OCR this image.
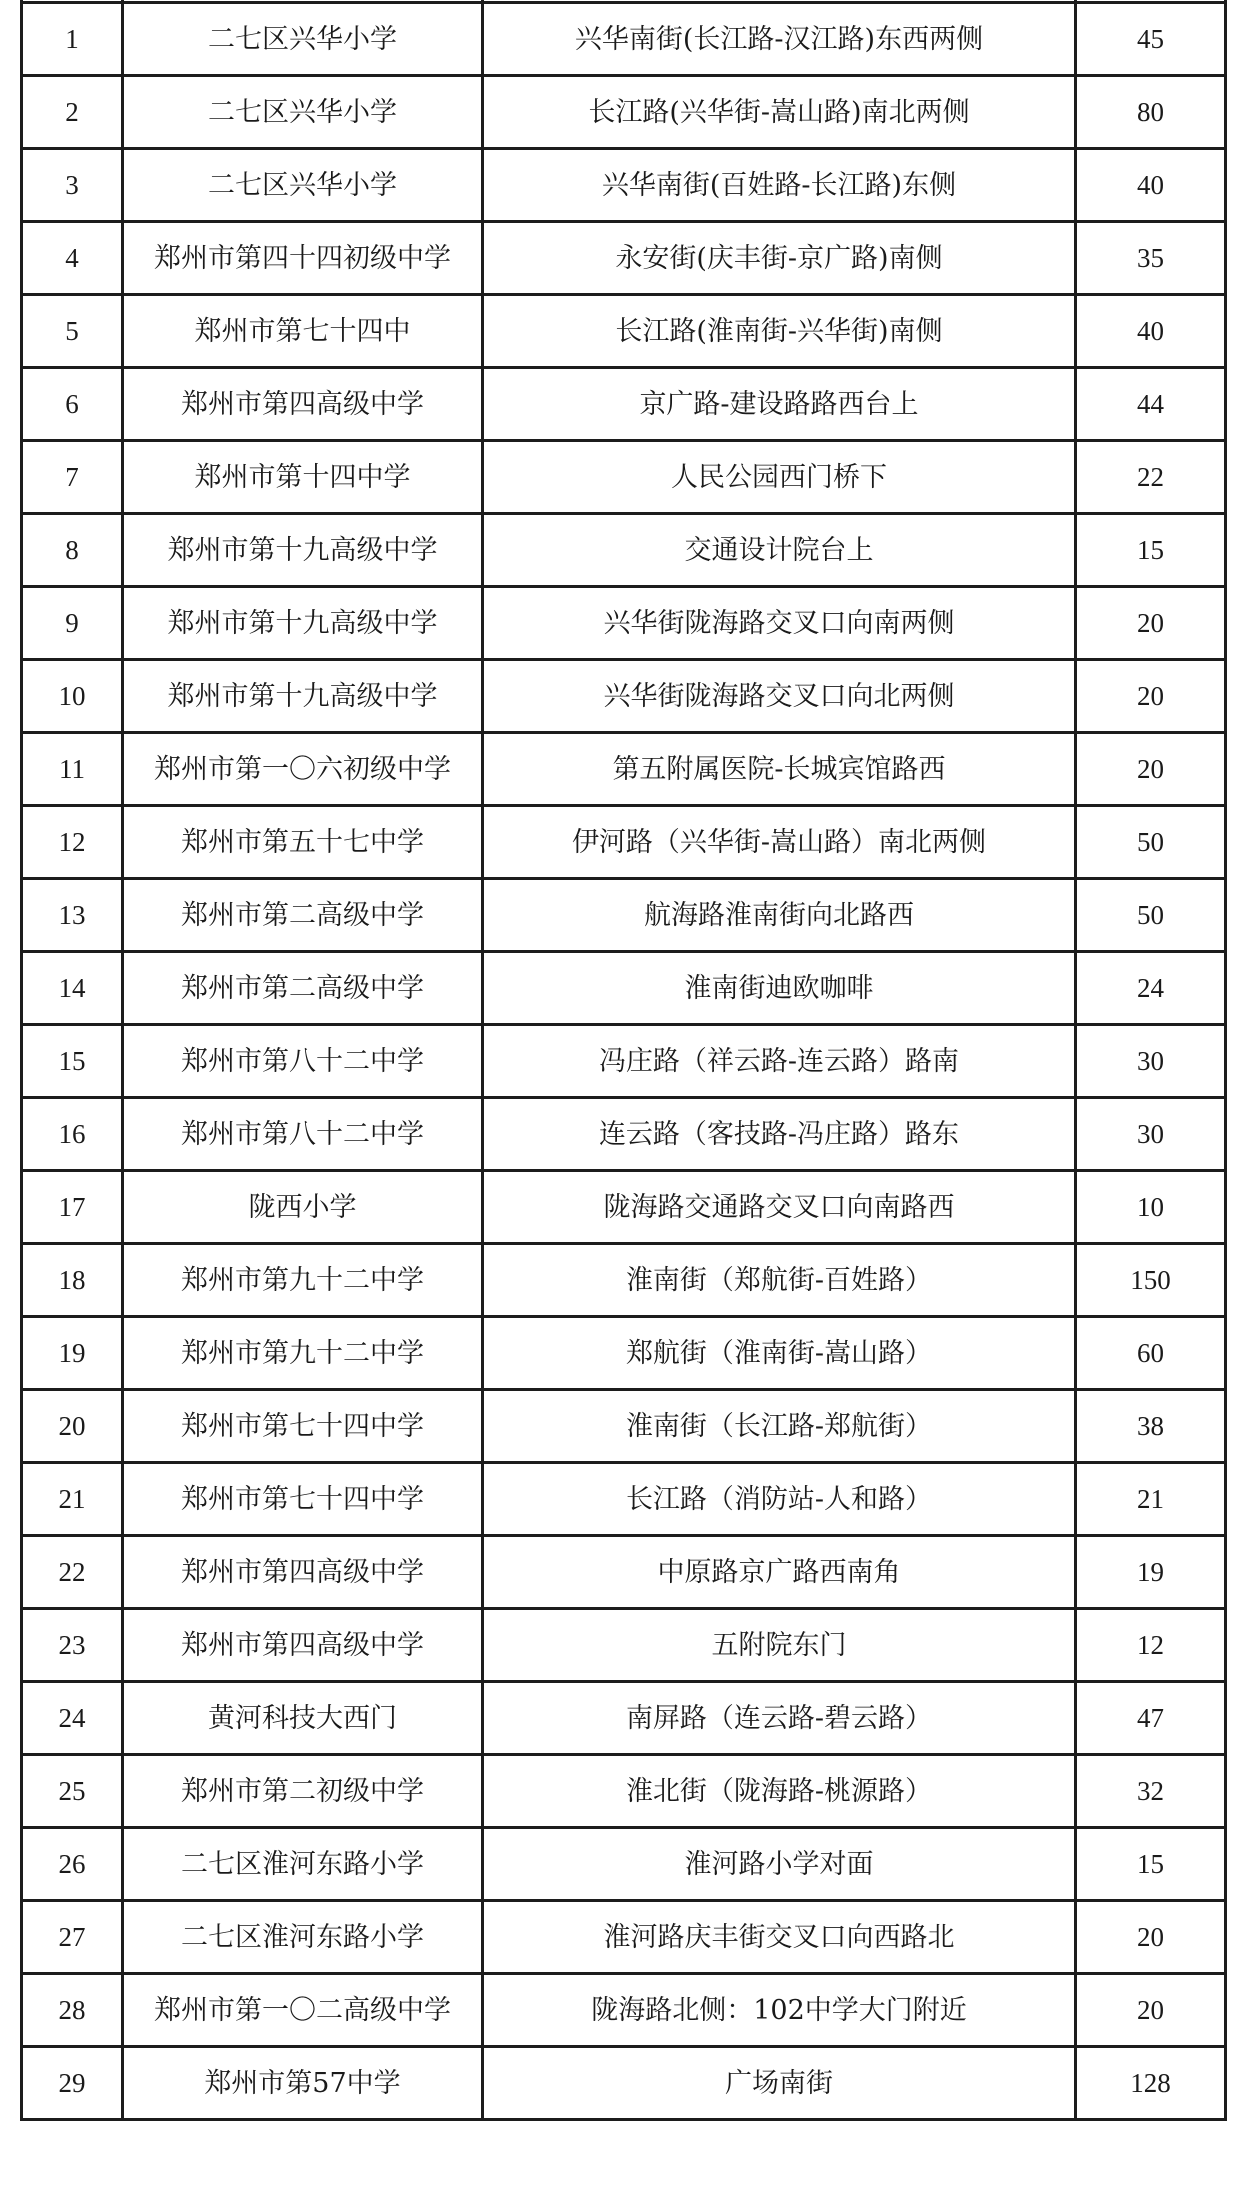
1	二七区兴华小学	兴华南街(长江路-汉江路)东西两侧	45
2	二七区兴华小学	长江路(兴华街-嵩山路)南北两侧	80
3	二七区兴华小学	兴华南街(百姓路-长江路)东侧	40
4	郑州市第四十四初级中学	永安街(庆丰街-京广路)南侧	35
5	郑州市第七十四中	长江路(淮南街-兴华街)南侧	40
6	郑州市第四高级中学	京广路-建设路路西台上	44
7	郑州市第十四中学	人民公园西门桥下	22
8	郑州市第十九高级中学	交通设计院台上	15
9	郑州市第十九高级中学	兴华街陇海路交叉口向南两侧	20
10	郑州市第十九高级中学	兴华街陇海路交叉口向北两侧	20
11	郑州市第一〇六初级中学	第五附属医院-长城宾馆路西	20
12	郑州市第五十七中学	伊河路（兴华街-嵩山路）南北两侧	50
13	郑州市第二高级中学	航海路淮南街向北路西	50
14	郑州市第二高级中学	淮南街迪欧咖啡	24
15	郑州市第八十二中学	冯庄路（祥云路-连云路）路南	30
16	郑州市第八十二中学	连云路（客技路-冯庄路）路东	30
17	陇西小学	陇海路交通路交叉口向南路西	10
18	郑州市第九十二中学	淮南街（郑航街-百姓路）	150
19	郑州市第九十二中学	郑航街（淮南街-嵩山路）	60
20	郑州市第七十四中学	淮南街（长江路-郑航街）	38
21	郑州市第七十四中学	长江路（消防站-人和路）	21
22	郑州市第四高级中学	中原路京广路西南角	19
23	郑州市第四高级中学	五附院东门	12
24	黄河科技大西门	南屏路（连云路-碧云路）	47
25	郑州市第二初级中学	淮北街（陇海路-桃源路）	32
26	二七区淮河东路小学	淮河路小学对面	15
27	二七区淮河东路小学	淮河路庆丰街交叉口向西路北	20
28	郑州市第一〇二高级中学	陇海路北侧：102中学大门附近	20
29	郑州市第57中学	广场南街	128
